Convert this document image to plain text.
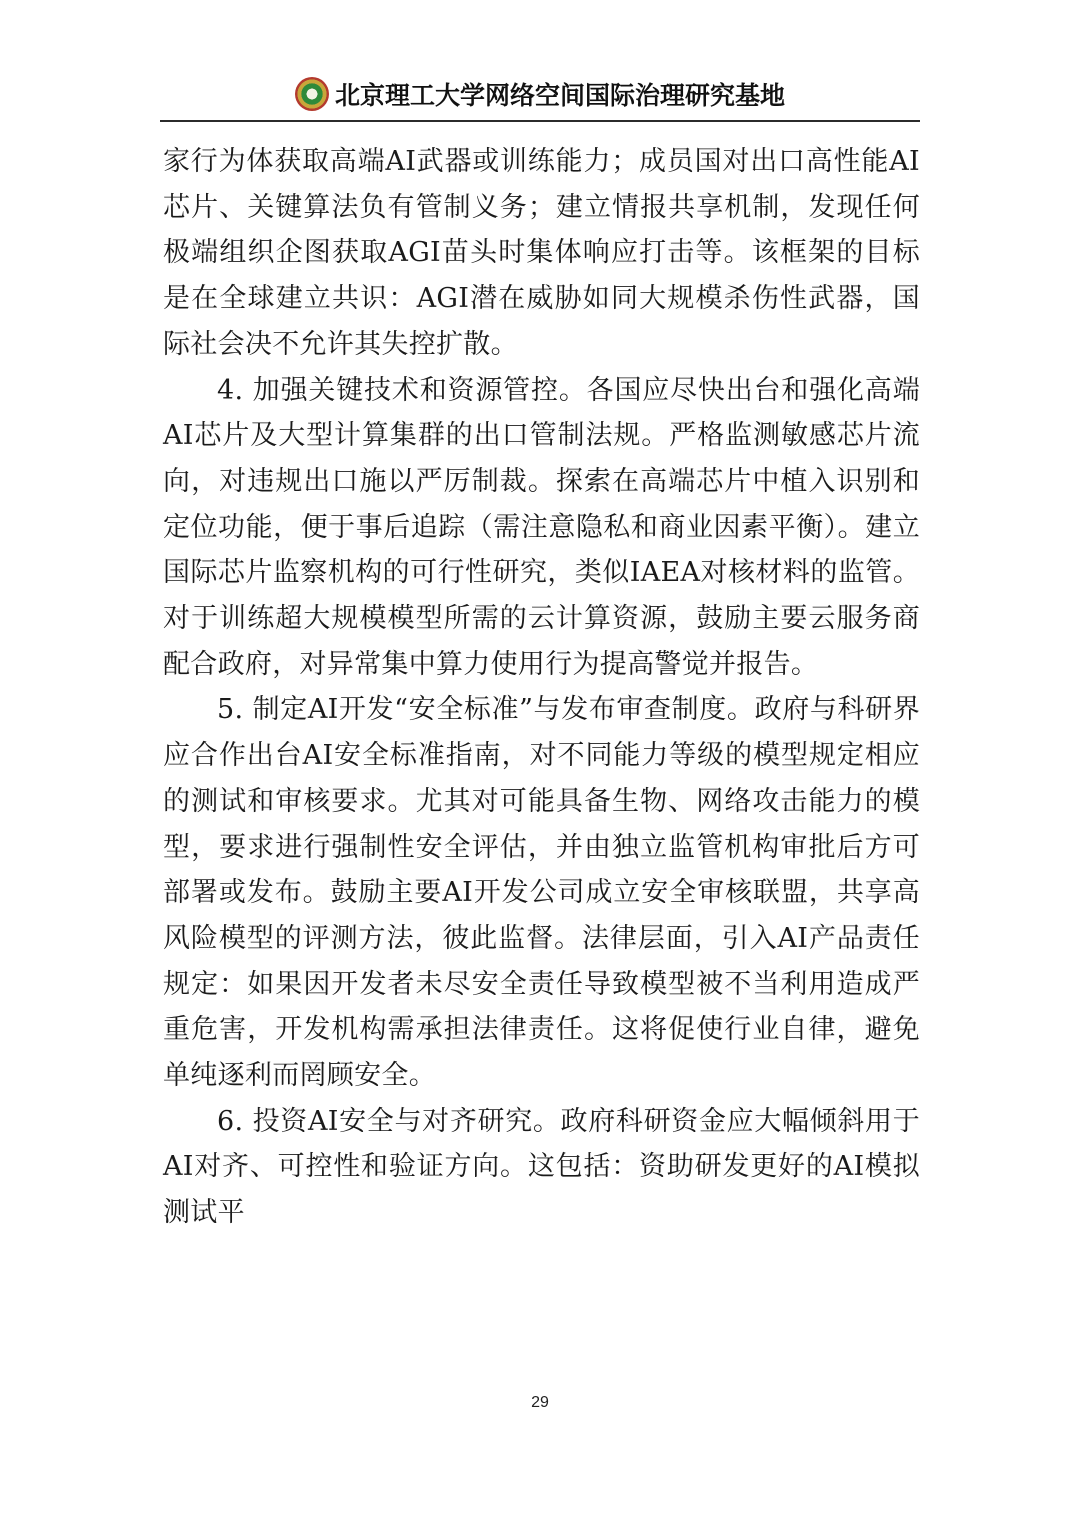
北京理工大学网络空间国际治理研究基地

家行为体获取高端AI武器或训练能力；成员国对出口高性能AI芯片、关键算法负有管制义务；建立情报共享机制，发现任何极端组织企图获取AGI苗头时集体响应打击等。该框架的目标是在全球建立共识：AGI潜在威胁如同大规模杀伤性武器，国际社会决不允许其失控扩散。

4. 加强关键技术和资源管控。各国应尽快出台和强化高端AI芯片及大型计算集群的出口管制法规。严格监测敏感芯片流向，对违规出口施以严厉制裁。探索在高端芯片中植入识别和定位功能，便于事后追踪（需注意隐私和商业因素平衡）。建立国际芯片监察机构的可行性研究，类似IAEA对核材料的监管。对于训练超大规模模型所需的云计算资源，鼓励主要云服务商配合政府，对异常集中算力使用行为提高警觉并报告。

5. 制定AI开发“安全标准”与发布审查制度。政府与科研界应合作出台AI安全标准指南，对不同能力等级的模型规定相应的测试和审核要求。尤其对可能具备生物、网络攻击能力的模型，要求进行强制性安全评估，并由独立监管机构审批后方可部署或发布。鼓励主要AI开发公司成立安全审核联盟，共享高风险模型的评测方法，彼此监督。法律层面，引入AI产品责任规定：如果因开发者未尽安全责任导致模型被不当利用造成严重危害，开发机构需承担法律责任。这将促使行业自律，避免单纯逐利而罔顾安全。

6. 投资AI安全与对齐研究。政府科研资金应大幅倾斜用于AI对齐、可控性和验证方向。这包括：资助研发更好的AI模拟测试平

29
